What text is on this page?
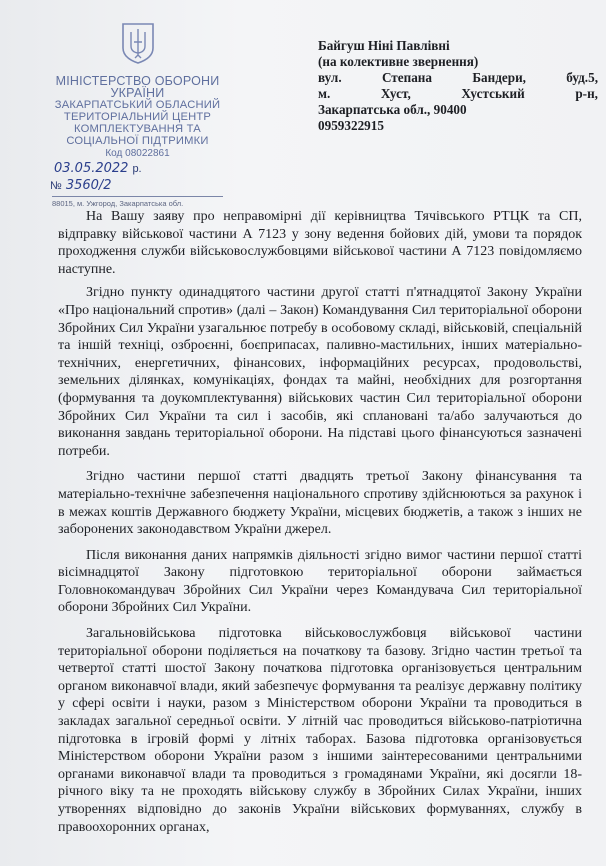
МІНІСТЕРСТВО ОБОРОНИ
УКРАЇНИ
ЗАКАРПАТСЬКИЙ ОБЛАСНИЙ
ТЕРИТОРІАЛЬНИЙ ЦЕНТР
КОМПЛЕКТУВАННЯ ТА
СОЦІАЛЬНОЇ ПІДТРИМКИ
Код 08022861
03.05.2022 р.
№ 3560/2
88015, м. Ужгород, Закарпатська обл.
Байгуш Ніні Павлівні
(на колективне звернення)
вул.	Степана	Бандери,	буд.5,
м.	Хуст,	Хустський	р-н,
Закарпатська обл., 90400
0959322915

На Вашу заяву про неправомірні дії керівництва Тячівського РТЦК та СП, відправку військової частини А 7123 у зону ведення бойових дій, умови та порядок проходження служби військовослужбовцями військової частини А 7123 повідомляємо наступне.

Згідно пункту одинадцятого частини другої статті п'ятнадцятої Закону України «Про національний спротив» (далі – Закон) Командування Сил територіальної оборони Збройних Сил України узагальнює потребу в особовому складі, військовій, спеціальній та іншій техніці, озброєнні, боєприпасах, паливно-мастильних, інших матеріально-технічних, енергетичних, фінансових, інформаційних ресурсах, продовольстві, земельних ділянках, комунікаціях, фондах та майні, необхідних для розгортання (формування та доукомплектування) військових частин Сил територіальної оборони Збройних Сил України та сил і засобів, які сплановані та/або залучаються до виконання завдань територіальної оборони. На підставі цього фінансуються зазначені потреби.

Згідно частини першої статті двадцять третьої Закону фінансування та матеріально-технічне забезпечення національного спротиву здійснюються за рахунок і в межах коштів Державного бюджету України, місцевих бюджетів, а також з інших не заборонених законодавством України джерел.

Після виконання даних напрямків діяльності згідно вимог частини першої статті вісімнадцятої Закону підготовкою територіальної оборони займається Головнокомандувач Збройних Сил України через Командувача Сил територіальної оборони Збройних Сил України.

Загальновійськова підготовка військовослужбовця військової частини територіальної оборони поділяється на початкову та базову. Згідно частин третьої та четвертої статті шостої Закону початкова підготовка організовується центральним органом виконавчої влади, який забезпечує формування та реалізує державну політику у сфері освіти і науки, разом з Міністерством оборони України та проводиться в закладах загальної середньої освіти. У літній час проводиться військово-патріотична підготовка в ігровій формі у літніх таборах. Базова підготовка організовується Міністерством оборони України разом з іншими заінтересованими центральними органами виконавчої влади та проводиться з громадянами України, які досягли 18-річного віку та не проходять військову службу в Збройних Силах України, інших утвореннях відповідно до законів України військових формуваннях, службу в правоохоронних органах,
